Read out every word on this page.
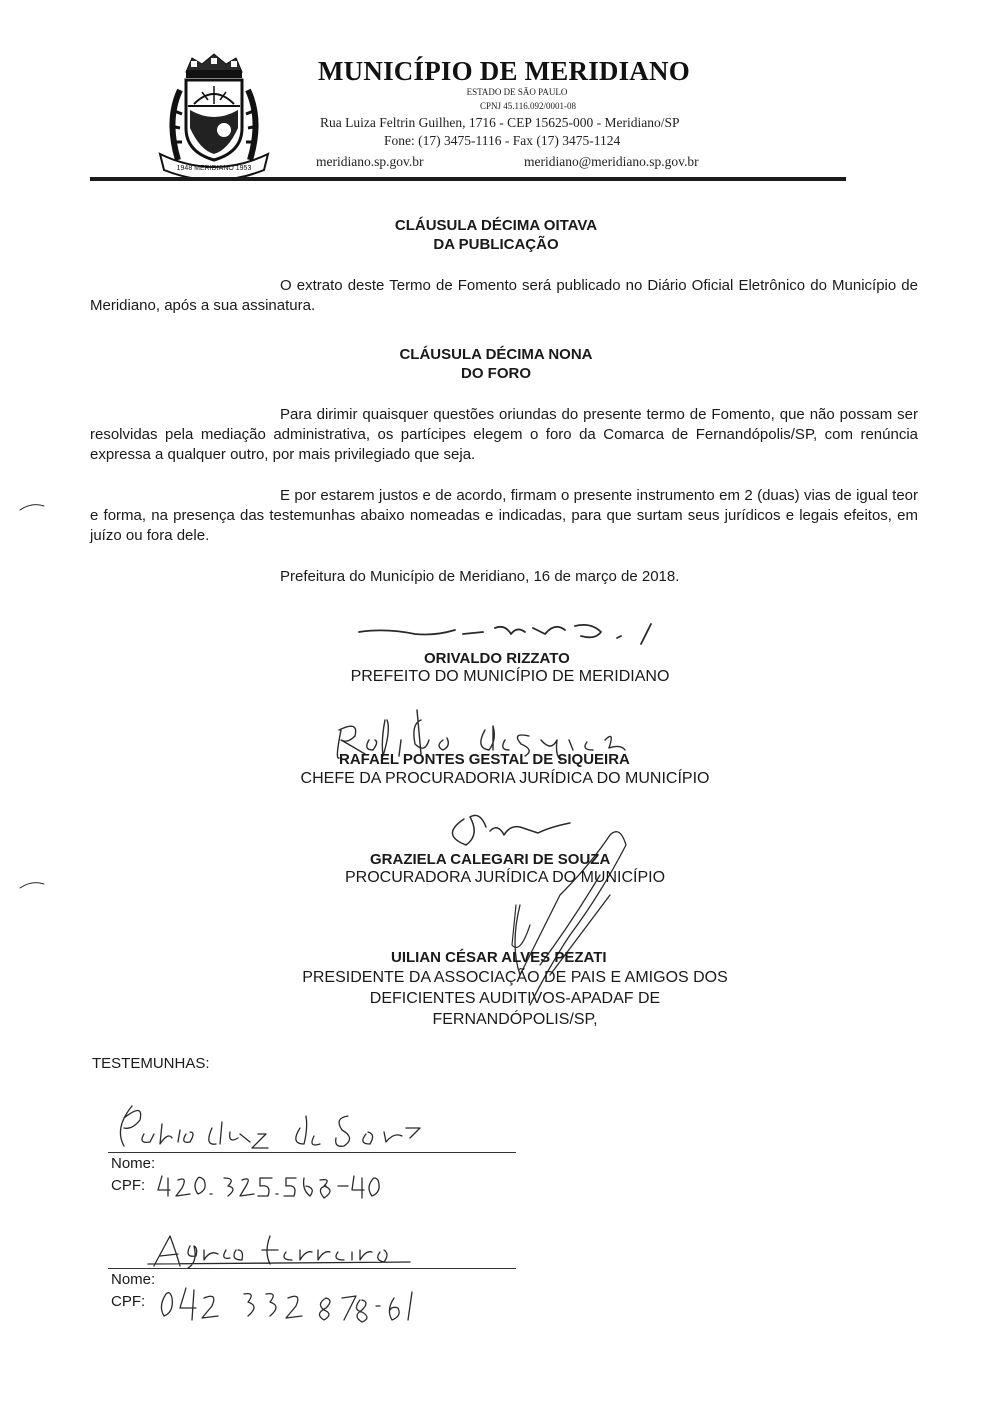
1948 MERIDIANO 1953
MUNICÍPIO DE MERIDIANO
ESTADO DE SÃO PAULO
CPNJ 45.116.092/0001-08
Rua Luiza Feltrin Guilhen, 1716 - CEP 15625-000 - Meridiano/SP
Fone: (17) 3475-1116 - Fax (17) 3475-1124
meridiano.sp.gov.br	meridiano@meridiano.sp.gov.br
CLÁUSULA DÉCIMA OITAVA
DA PUBLICAÇÃO
O extrato deste Termo de Fomento será publicado no Diário Oficial Eletrônico do Município de Meridiano, após a sua assinatura.
CLÁUSULA DÉCIMA NONA
DO FORO
Para dirimir quaisquer questões oriundas do presente termo de Fomento, que não possam ser resolvidas pela mediação administrativa, os partícipes elegem o foro da Comarca de Fernandópolis/SP, com renúncia expressa a qualquer outro, por mais privilegiado que seja.
E por estarem justos e de acordo, firmam o presente instrumento em 2 (duas) vias de igual teor e forma, na presença das testemunhas abaixo nomeadas e indicadas, para que surtam seus jurídicos e legais efeitos, em juízo ou fora dele.
Prefeitura do Município de Meridiano, 16 de março de 2018.
ORIVALDO RIZZATO
PREFEITO DO MUNICÍPIO DE MERIDIANO
RAFAEL PONTES GESTAL DE SIQUEIRA
CHEFE DA PROCURADORIA JURÍDICA DO MUNICÍPIO
GRAZIELA CALEGARI DE SOUZA
PROCURADORA JURÍDICA DO MUNICÍPIO
UILIAN CÉSAR ALVES PEZATI
PRESIDENTE DA ASSOCIAÇÃO DE PAIS E AMIGOS DOS
DEFICIENTES AUDITIVOS-APADAF DE
FERNANDÓPOLIS/SP,
TESTEMUNHAS:
Nome:
CPF:
Nome:
CPF:
